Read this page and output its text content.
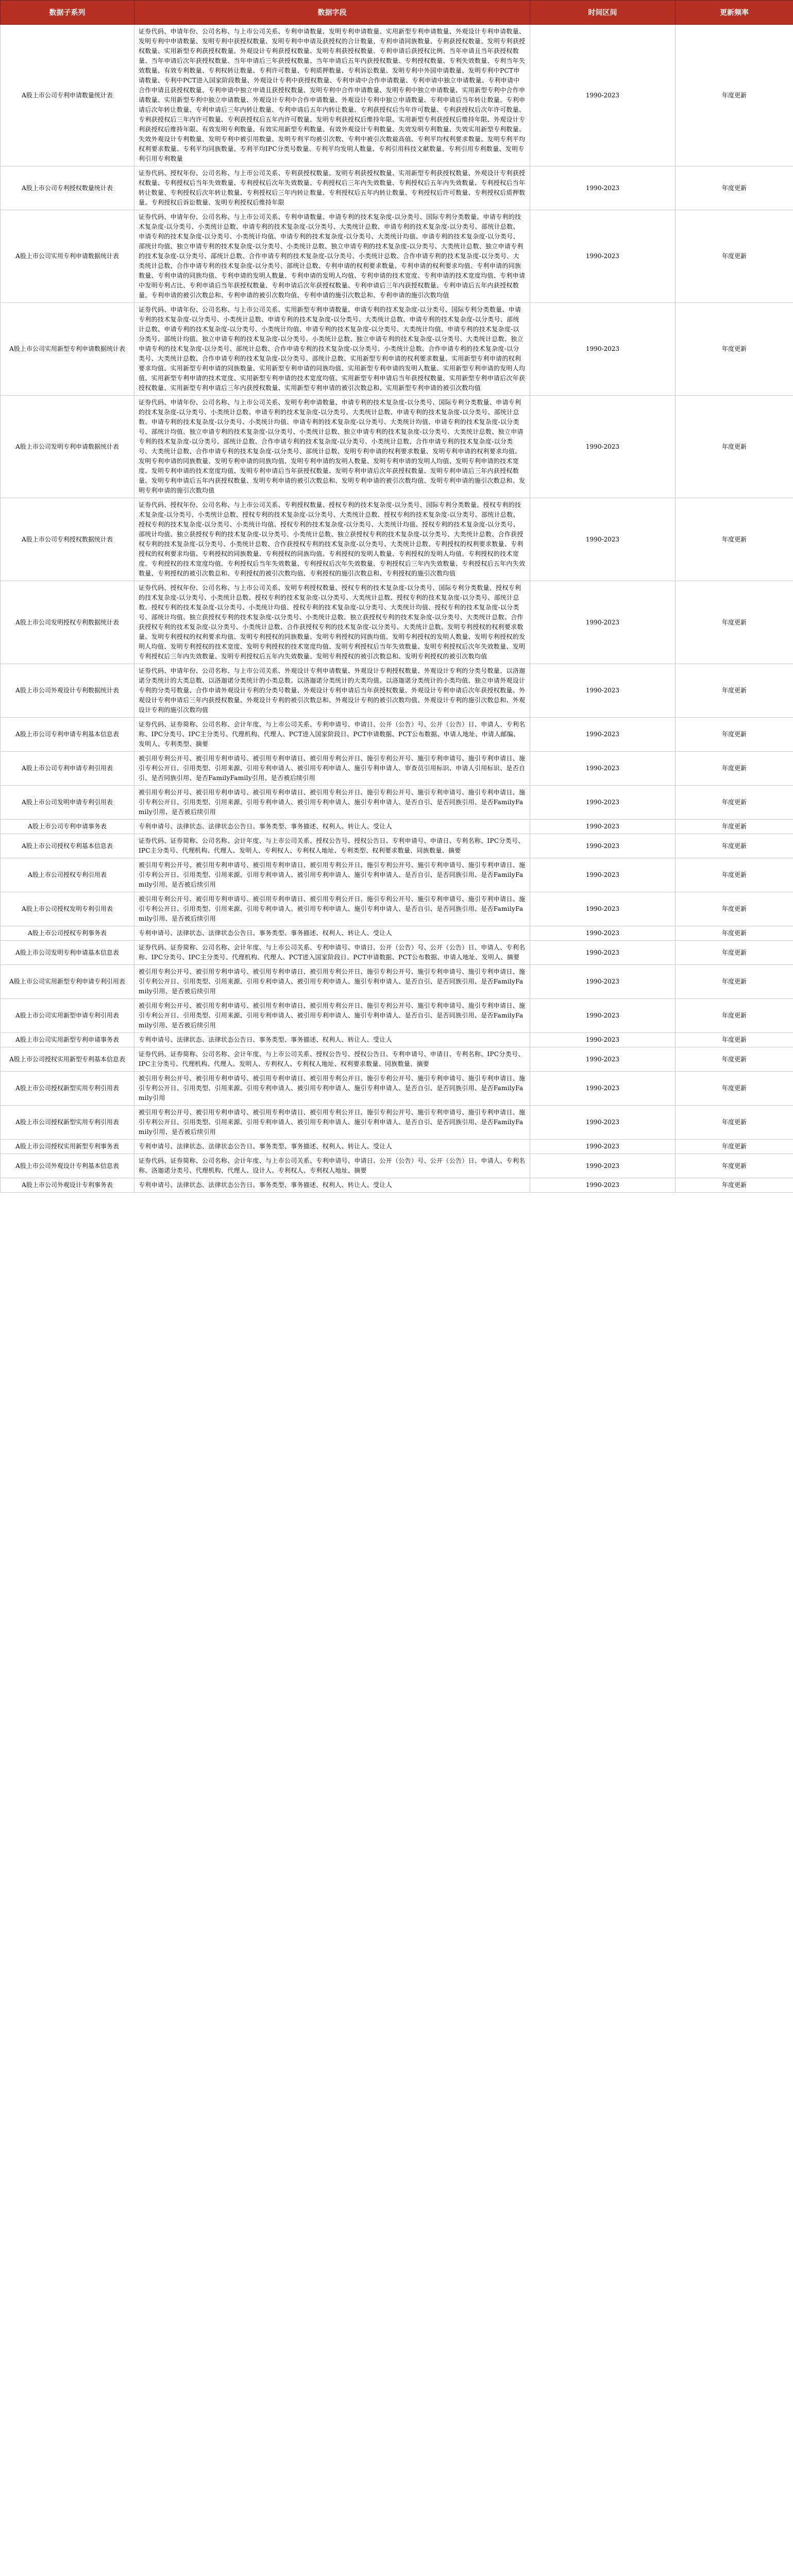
数据子系列	数据字段	时间区间	更新频率
A股上市公司专利申请数量统计表	证券代码、申请年份、公司名称、与上市公司关系、专利申请数量、发明专利申请数量、实用新型专利申请数量、外观设计专利申请数量、发明专利中申请数量、发明专利中获授权数量、发明专利中申请及获授权的合计数量、专利申请同族数量、专利获授权数量、发明专利获授权数量、实用新型专利获授权数量、外观设计专利获授权数量、发明专利获授权数量、专利申请后获授权比例、当年申请且当年获授权数量、当年申请后次年获授权数量、当年申请后三年获授权数量、当年申请后五年内获授权数量、专利授权数量、专利失效数量、专利当年失效数量、有效专利数量、专利权转让数量、专利许可数量、专利质押数量、专利诉讼数量、发明专利中外国申请数量、发明专利中PCT申请数量、专利中PCT进入国家阶段数量、外观设计专利中获授权数量、专利申请中合作申请数量、专利申请中独立申请数量、专利申请中合作申请且获授权数量、专利申请中独立申请且获授权数量、发明专利中合作申请数量、发明专利中独立申请数量、实用新型专利中合作申请数量、实用新型专利中独立申请数量、外观设计专利中合作申请数量、外观设计专利中独立申请数量、专利申请后当年转让数量、专利申请后次年转让数量、专利申请后三年内转让数量、专利申请后五年内转让数量、专利获授权后当年许可数量、专利获授权后次年许可数量、专利获授权后三年内许可数量、专利获授权后五年内许可数量、发明专利获授权后维持年限、实用新型专利获授权后维持年限、外观设计专利获授权后维持年限、有效发明专利数量、有效实用新型专利数量、有效外观设计专利数量、失效发明专利数量、失效实用新型专利数量、失效外观设计专利数量、发明专利中被引用数量、发明专利平均被引次数、专利中被引次数最高值、专利平均权利要求数量、发明专利平均权利要求数量、专利平均同族数量、专利平均IPC分类号数量、专利平均发明人数量、专利引用科技文献数量、专利引用专利数量、发明专利引用专利数量	1990-2023	年度更新
A股上市公司专利授权数量统计表	证券代码、授权年份、公司名称、与上市公司关系、专利获授权数量、发明专利获授权数量、实用新型专利获授权数量、外观设计专利获授权数量、专利授权后当年失效数量、专利授权后次年失效数量、专利授权后三年内失效数量、专利授权后五年内失效数量、专利授权后当年转让数量、专利授权后次年转让数量、专利授权后三年内转让数量、专利授权后五年内转让数量、专利授权后许可数量、专利授权后质押数量、专利授权后诉讼数量、发明专利授权后维持年限	1990-2023	年度更新
A股上市公司实用专利申请数据统计表	证券代码、申请年份、公司名称、与上市公司关系、专利申请数量、申请专利的技术复杂度-以分类号、国际专利分类数量、申请专利的技术复杂度-以分类号、小类统计总数、申请专利的技术复杂度-以分类号、大类统计总数、申请专利的技术复杂度-以分类号、部统计总数、申请专利的技术复杂度-以分类号、小类统计均值、申请专利的技术复杂度-以分类号、大类统计均值、申请专利的技术复杂度-以分类号、部统计均值、独立申请专利的技术复杂度-以分类号、小类统计总数、独立申请专利的技术复杂度-以分类号、大类统计总数、独立申请专利的技术复杂度-以分类号、部统计总数、合作申请专利的技术复杂度-以分类号、小类统计总数、合作申请专利的技术复杂度-以分类号、大类统计总数、合作申请专利的技术复杂度-以分类号、部统计总数、专利申请的权利要求数量、专利申请的权利要求均值、专利申请的同族数量、专利申请的同族均值、专利申请的发明人数量、专利申请的发明人均值、专利申请的技术宽度、专利申请的技术宽度均值、专利申请中发明专利占比、专利申请后当年获授权数量、专利申请后次年获授权数量、专利申请后三年内获授权数量、专利申请后五年内获授权数量、专利申请的被引次数总和、专利申请的被引次数均值、专利申请的施引次数总和、专利申请的施引次数均值	1990-2023	年度更新
A股上市公司实用新型专利申请数据统计表	证券代码、申请年份、公司名称、与上市公司关系、实用新型专利申请数量、申请专利的技术复杂度-以分类号、国际专利分类数量、申请专利的技术复杂度-以分类号、小类统计总数、申请专利的技术复杂度-以分类号、大类统计总数、申请专利的技术复杂度-以分类号、部统计总数、申请专利的技术复杂度-以分类号、小类统计均值、申请专利的技术复杂度-以分类号、大类统计均值、申请专利的技术复杂度-以分类号、部统计均值、独立申请专利的技术复杂度-以分类号、小类统计总数、独立申请专利的技术复杂度-以分类号、大类统计总数、独立申请专利的技术复杂度-以分类号、部统计总数、合作申请专利的技术复杂度-以分类号、小类统计总数、合作申请专利的技术复杂度-以分类号、大类统计总数、合作申请专利的技术复杂度-以分类号、部统计总数、实用新型专利申请的权利要求数量、实用新型专利申请的权利要求均值、实用新型专利申请的同族数量、实用新型专利申请的同族均值、实用新型专利申请的发明人数量、实用新型专利申请的发明人均值、实用新型专利申请的技术宽度、实用新型专利申请的技术宽度均值、实用新型专利申请后当年获授权数量、实用新型专利申请后次年获授权数量、实用新型专利申请后三年内获授权数量、实用新型专利申请的被引次数总和、实用新型专利申请的被引次数均值	1990-2023	年度更新
A股上市公司发明专利申请数据统计表	证券代码、申请年份、公司名称、与上市公司关系、发明专利申请数量、申请专利的技术复杂度-以分类号、国际专利分类数量、申请专利的技术复杂度-以分类号、小类统计总数、申请专利的技术复杂度-以分类号、大类统计总数、申请专利的技术复杂度-以分类号、部统计总数、申请专利的技术复杂度-以分类号、小类统计均值、申请专利的技术复杂度-以分类号、大类统计均值、申请专利的技术复杂度-以分类号、部统计均值、独立申请专利的技术复杂度-以分类号、小类统计总数、独立申请专利的技术复杂度-以分类号、大类统计总数、独立申请专利的技术复杂度-以分类号、部统计总数、合作申请专利的技术复杂度-以分类号、小类统计总数、合作申请专利的技术复杂度-以分类号、大类统计总数、合作申请专利的技术复杂度-以分类号、部统计总数、发明专利申请的权利要求数量、发明专利申请的权利要求均值、发明专利申请的同族数量、发明专利申请的同族均值、发明专利申请的发明人数量、发明专利申请的发明人均值、发明专利申请的技术宽度、发明专利申请的技术宽度均值、发明专利申请后当年获授权数量、发明专利申请后次年获授权数量、发明专利申请后三年内获授权数量、发明专利申请后五年内获授权数量、发明专利申请的被引次数总和、发明专利申请的被引次数均值、发明专利申请的施引次数总和、发明专利申请的施引次数均值	1990-2023	年度更新
A股上市公司专利授权数据统计表	证券代码、授权年份、公司名称、与上市公司关系、专利授权数量、授权专利的技术复杂度-以分类号、国际专利分类数量、授权专利的技术复杂度-以分类号、小类统计总数、授权专利的技术复杂度-以分类号、大类统计总数、授权专利的技术复杂度-以分类号、部统计总数、授权专利的技术复杂度-以分类号、小类统计均值、授权专利的技术复杂度-以分类号、大类统计均值、授权专利的技术复杂度-以分类号、部统计均值、独立获授权专利的技术复杂度-以分类号、小类统计总数、独立获授权专利的技术复杂度-以分类号、大类统计总数、合作获授权专利的技术复杂度-以分类号、小类统计总数、合作获授权专利的技术复杂度-以分类号、大类统计总数、专利授权的权利要求数量、专利授权的权利要求均值、专利授权的同族数量、专利授权的同族均值、专利授权的发明人数量、专利授权的发明人均值、专利授权的技术宽度、专利授权的技术宽度均值、专利授权后当年失效数量、专利授权后次年失效数量、专利授权后三年内失效数量、专利授权后五年内失效数量、专利授权的被引次数总和、专利授权的被引次数均值、专利授权的施引次数总和、专利授权的施引次数均值	1990-2023	年度更新
A股上市公司发明授权专利数据统计表	证券代码、授权年份、公司名称、与上市公司关系、发明专利授权数量、授权专利的技术复杂度-以分类号、国际专利分类数量、授权专利的技术复杂度-以分类号、小类统计总数、授权专利的技术复杂度-以分类号、大类统计总数、授权专利的技术复杂度-以分类号、部统计总数、授权专利的技术复杂度-以分类号、小类统计均值、授权专利的技术复杂度-以分类号、大类统计均值、授权专利的技术复杂度-以分类号、部统计均值、独立获授权专利的技术复杂度-以分类号、小类统计总数、独立获授权专利的技术复杂度-以分类号、大类统计总数、合作获授权专利的技术复杂度-以分类号、小类统计总数、合作获授权专利的技术复杂度-以分类号、大类统计总数、发明专利授权的权利要求数量、发明专利授权的权利要求均值、发明专利授权的同族数量、发明专利授权的同族均值、发明专利授权的发明人数量、发明专利授权的发明人均值、发明专利授权的技术宽度、发明专利授权的技术宽度均值、发明专利授权后当年失效数量、发明专利授权后次年失效数量、发明专利授权后三年内失效数量、发明专利授权后五年内失效数量、发明专利授权的被引次数总和、发明专利授权的被引次数均值	1990-2023	年度更新
A股上市公司外观设计专利数据统计表	证券代码、申请年份、公司名称、与上市公司关系、外观设计专利申请数量、外观设计专利授权数量、外观设计专利的分类号数量、以洛迦诺分类统计的大类总数、以洛迦诺分类统计的小类总数、以洛迦诺分类统计的大类均值、以洛迦诺分类统计的小类均值、独立申请外观设计专利的分类号数量、合作申请外观设计专利的分类号数量、外观设计专利申请后当年获授权数量、外观设计专利申请后次年获授权数量、外观设计专利申请后三年内获授权数量、外观设计专利的被引次数总和、外观设计专利的被引次数均值、外观设计专利的施引次数总和、外观设计专利的施引次数均值	1990-2023	年度更新
A股上市公司专利申请专利基本信息表	证券代码、证券简称、公司名称、会计年度、与上市公司关系、专利申请号、申请日、公开（公告）号、公开（公告）日、申请人、专利名称、IPC分类号、IPC主分类号、代理机构、代理人、PCT进入国家阶段日、PCT申请数据、PCT公布数据、申请人地址、申请人邮编、发明人、专利类型、摘要	1990-2023	年度更新
A股上市公司专利申请专利引用表	被引用专利公开号、被引用专利申请号、被引用专利申请日、被引用专利公开日、施引专利公开号、施引专利申请号、施引专利申请日、施引专利公开日、引用类型、引用来源、引用专利申请人、被引用专利申请人、施引专利申请人、审查员引用标识、申请人引用标识、是否自引、是否同族引用、是否FamilyFamily引用、是否被后续引用	1990-2023	年度更新
A股上市公司发明申请专利引用表	被引用专利公开号、被引用专利申请号、被引用专利申请日、被引用专利公开日、施引专利公开号、施引专利申请号、施引专利申请日、施引专利公开日、引用类型、引用来源、引用专利申请人、被引用专利申请人、施引专利申请人、是否自引、是否同族引用、是否FamilyFamily引用、是否被后续引用	1990-2023	年度更新
A股上市公司专利申请事务表	专利申请号、法律状态、法律状态公告日、事务类型、事务描述、权利人、转让人、受让人	1990-2023	年度更新
A股上市公司授权专利基本信息表	证券代码、证券简称、公司名称、会计年度、与上市公司关系、授权公告号、授权公告日、专利申请号、申请日、专利名称、IPC分类号、IPC主分类号、代理机构、代理人、发明人、专利权人、专利权人地址、专利类型、权利要求数量、同族数量、摘要	1990-2023	年度更新
A股上市公司授权专利引用表	被引用专利公开号、被引用专利申请号、被引用专利申请日、被引用专利公开日、施引专利公开号、施引专利申请号、施引专利申请日、施引专利公开日、引用类型、引用来源、引用专利申请人、被引用专利申请人、施引专利申请人、是否自引、是否同族引用、是否FamilyFamily引用、是否被后续引用	1990-2023	年度更新
A股上市公司授权发明专利引用表	被引用专利公开号、被引用专利申请号、被引用专利申请日、被引用专利公开日、施引专利公开号、施引专利申请号、施引专利申请日、施引专利公开日、引用类型、引用来源、引用专利申请人、被引用专利申请人、施引专利申请人、是否自引、是否同族引用、是否FamilyFamily引用、是否被后续引用	1990-2023	年度更新
A股上市公司授权专利事务表	专利申请号、法律状态、法律状态公告日、事务类型、事务描述、权利人、转让人、受让人	1990-2023	年度更新
A股上市公司发明专利申请基本信息表	证券代码、证券简称、公司名称、会计年度、与上市公司关系、专利申请号、申请日、公开（公告）号、公开（公告）日、申请人、专利名称、IPC分类号、IPC主分类号、代理机构、代理人、PCT进入国家阶段日、PCT申请数据、PCT公布数据、申请人地址、发明人、摘要	1990-2023	年度更新
A股上市公司实用新型专利申请专利引用表	被引用专利公开号、被引用专利申请号、被引用专利申请日、被引用专利公开日、施引专利公开号、施引专利申请号、施引专利申请日、施引专利公开日、引用类型、引用来源、引用专利申请人、被引用专利申请人、施引专利申请人、是否自引、是否同族引用、是否FamilyFamily引用、是否被后续引用	1990-2023	年度更新
A股上市公司实用新型申请专利引用表	被引用专利公开号、被引用专利申请号、被引用专利申请日、被引用专利公开日、施引专利公开号、施引专利申请号、施引专利申请日、施引专利公开日、引用类型、引用来源、引用专利申请人、被引用专利申请人、施引专利申请人、是否自引、是否同族引用、是否FamilyFamily引用、是否被后续引用	1990-2023	年度更新
A股上市公司实用新型专利申请事务表	专利申请号、法律状态、法律状态公告日、事务类型、事务描述、权利人、转让人、受让人	1990-2023	年度更新
A股上市公司授权实用新型专利基本信息表	证券代码、证券简称、公司名称、会计年度、与上市公司关系、授权公告号、授权公告日、专利申请号、申请日、专利名称、IPC分类号、IPC主分类号、代理机构、代理人、发明人、专利权人、专利权人地址、权利要求数量、同族数量、摘要	1990-2023	年度更新
A股上市公司授权新型实用专利引用表	被引用专利公开号、被引用专利申请号、被引用专利申请日、被引用专利公开日、施引专利公开号、施引专利申请号、施引专利申请日、施引专利公开日、引用类型、引用来源、引用专利申请人、被引用专利申请人、施引专利申请人、是否自引、是否同族引用、是否FamilyFamily引用	1990-2023	年度更新
A股上市公司授权新型实用专利引用表	被引用专利公开号、被引用专利申请号、被引用专利申请日、被引用专利公开日、施引专利公开号、施引专利申请号、施引专利申请日、施引专利公开日、引用类型、引用来源、引用专利申请人、被引用专利申请人、施引专利申请人、是否自引、是否同族引用、是否FamilyFamily引用、是否被后续引用	1990-2023	年度更新
A股上市公司授权实用新型专利事务表	专利申请号、法律状态、法律状态公告日、事务类型、事务描述、权利人、转让人、受让人	1990-2023	年度更新
A股上市公司外观设计专利基本信息表	证券代码、证券简称、公司名称、会计年度、与上市公司关系、专利申请号、申请日、公开（公告）号、公开（公告）日、申请人、专利名称、洛迦诺分类号、代理机构、代理人、设计人、专利权人、专利权人地址、摘要	1990-2023	年度更新
A股上市公司外观设计专利事务表	专利申请号、法律状态、法律状态公告日、事务类型、事务描述、权利人、转让人、受让人	1990-2023	年度更新
